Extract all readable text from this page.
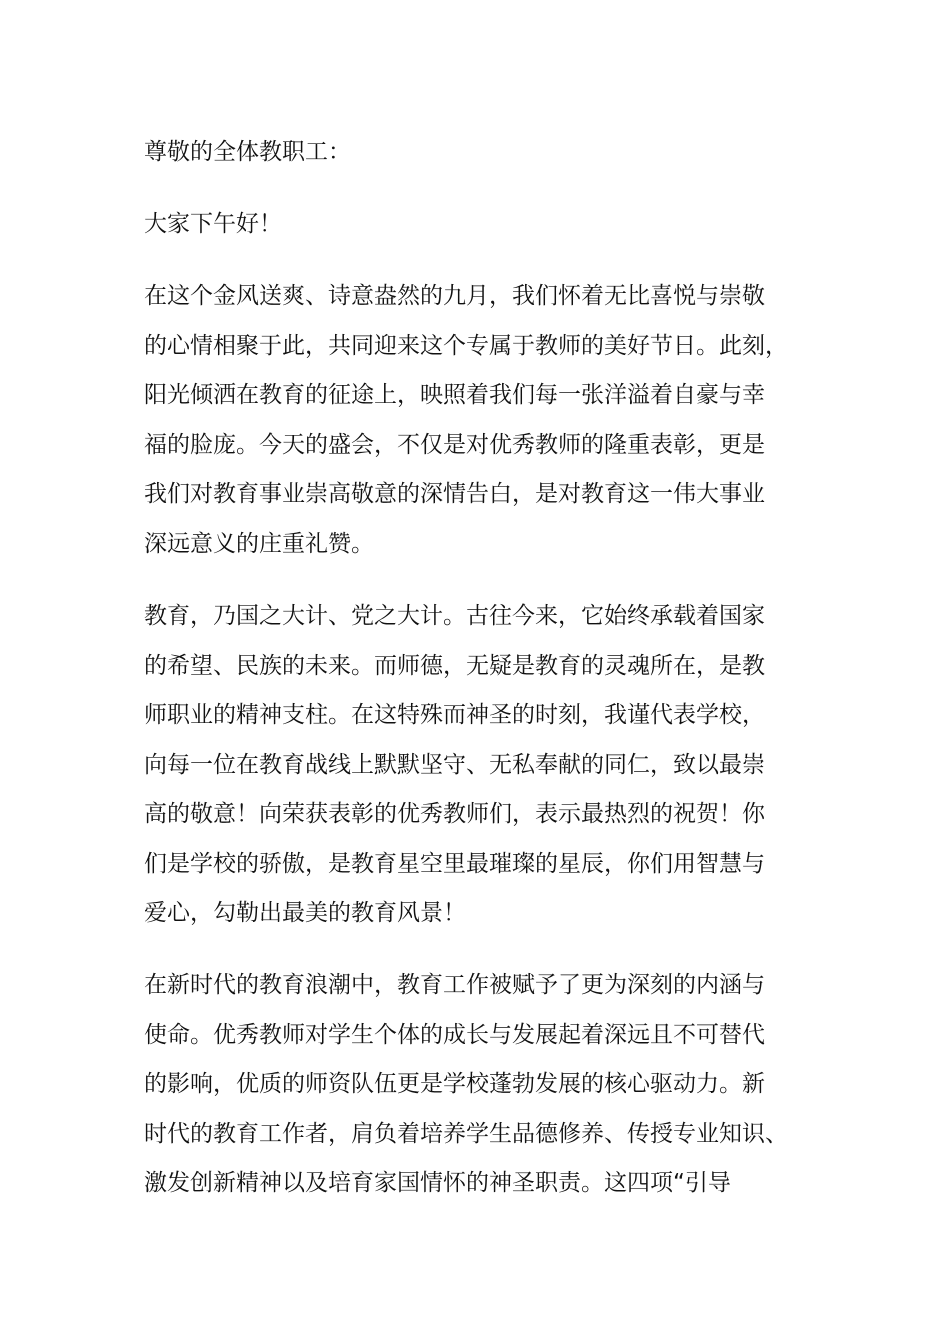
尊敬的全体教职工：
大家下午好！
在这个金风送爽、诗意盎然的九月，我们怀着无比喜悦与崇敬
的心情相聚于此，共同迎来这个专属于教师的美好节日。此刻，
阳光倾洒在教育的征途上，映照着我们每一张洋溢着自豪与幸
福的脸庞。今天的盛会，不仅是对优秀教师的隆重表彰，更是
我们对教育事业崇高敬意的深情告白，是对教育这一伟大事业
深远意义的庄重礼赞。
教育，乃国之大计、党之大计。古往今来，它始终承载着国家
的希望、民族的未来。而师德，无疑是教育的灵魂所在，是教
师职业的精神支柱。在这特殊而神圣的时刻，我谨代表学校，
向每一位在教育战线上默默坚守、无私奉献的同仁，致以最崇
高的敬意！向荣获表彰的优秀教师们，表示最热烈的祝贺！你
们是学校的骄傲，是教育星空里最璀璨的星辰，你们用智慧与
爱心，勾勒出最美的教育风景！
在新时代的教育浪潮中，教育工作被赋予了更为深刻的内涵与
使命。优秀教师对学生个体的成长与发展起着深远且不可替代
的影响，优质的师资队伍更是学校蓬勃发展的核心驱动力。新
时代的教育工作者，肩负着培养学生品德修养、传授专业知识、
激发创新精神以及培育家国情怀的神圣职责。这四项“引导
